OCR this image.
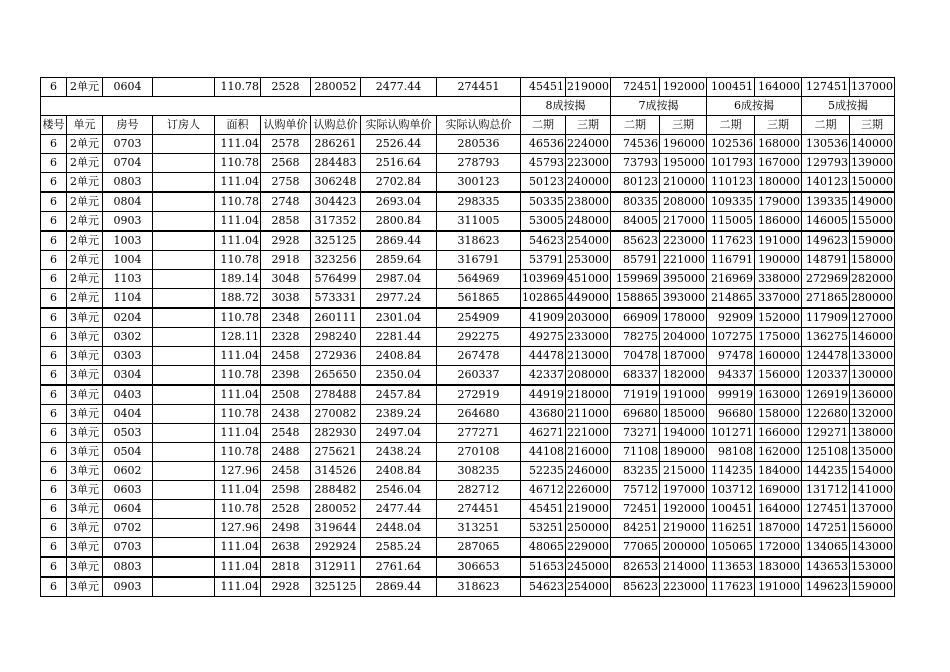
6	2单元	0604		110.78	2528	280052	2477.44	274451	45451	219000	72451	192000	100451	164000	127451	137000
									8成按揭		7成按揭		6成按揭		5成按揭	
楼号	单元	房号	订房人	面积	认购单价	认购总价	实际认购单价	实际认购总价	二期	三期	二期	三期	二期	三期	二期	三期
6	2单元	0703		111.04	2578	286261	2526.44	280536	46536	224000	74536	196000	102536	168000	130536	140000
6	2单元	0704		110.78	2568	284483	2516.64	278793	45793	223000	73793	195000	101793	167000	129793	139000
6	2单元	0803		111.04	2758	306248	2702.84	300123	50123	240000	80123	210000	110123	180000	140123	150000
6	2单元	0804		110.78	2748	304423	2693.04	298335	50335	238000	80335	208000	109335	179000	139335	149000
6	2单元	0903		111.04	2858	317352	2800.84	311005	53005	248000	84005	217000	115005	186000	146005	155000
6	2单元	1003		111.04	2928	325125	2869.44	318623	54623	254000	85623	223000	117623	191000	149623	159000
6	2单元	1004		110.78	2918	323256	2859.64	316791	53791	253000	85791	221000	116791	190000	148791	158000
6	2单元	1103		189.14	3048	576499	2987.04	564969	103969	451000	159969	395000	216969	338000	272969	282000
6	2单元	1104		188.72	3038	573331	2977.24	561865	102865	449000	158865	393000	214865	337000	271865	280000
6	3单元	0204		110.78	2348	260111	2301.04	254909	41909	203000	66909	178000	92909	152000	117909	127000
6	3单元	0302		128.11	2328	298240	2281.44	292275	49275	233000	78275	204000	107275	175000	136275	146000
6	3单元	0303		111.04	2458	272936	2408.84	267478	44478	213000	70478	187000	97478	160000	124478	133000
6	3单元	0304		110.78	2398	265650	2350.04	260337	42337	208000	68337	182000	94337	156000	120337	130000
6	3单元	0403		111.04	2508	278488	2457.84	272919	44919	218000	71919	191000	99919	163000	126919	136000
6	3单元	0404		110.78	2438	270082	2389.24	264680	43680	211000	69680	185000	96680	158000	122680	132000
6	3单元	0503		111.04	2548	282930	2497.04	277271	46271	221000	73271	194000	101271	166000	129271	138000
6	3单元	0504		110.78	2488	275621	2438.24	270108	44108	216000	71108	189000	98108	162000	125108	135000
6	3单元	0602		127.96	2458	314526	2408.84	308235	52235	246000	83235	215000	114235	184000	144235	154000
6	3单元	0603		111.04	2598	288482	2546.04	282712	46712	226000	75712	197000	103712	169000	131712	141000
6	3单元	0604		110.78	2528	280052	2477.44	274451	45451	219000	72451	192000	100451	164000	127451	137000
6	3单元	0702		127.96	2498	319644	2448.04	313251	53251	250000	84251	219000	116251	187000	147251	156000
6	3单元	0703		111.04	2638	292924	2585.24	287065	48065	229000	77065	200000	105065	172000	134065	143000
6	3单元	0803		111.04	2818	312911	2761.64	306653	51653	245000	82653	214000	113653	183000	143653	153000
6	3单元	0903		111.04	2928	325125	2869.44	318623	54623	254000	85623	223000	117623	191000	149623	159000
